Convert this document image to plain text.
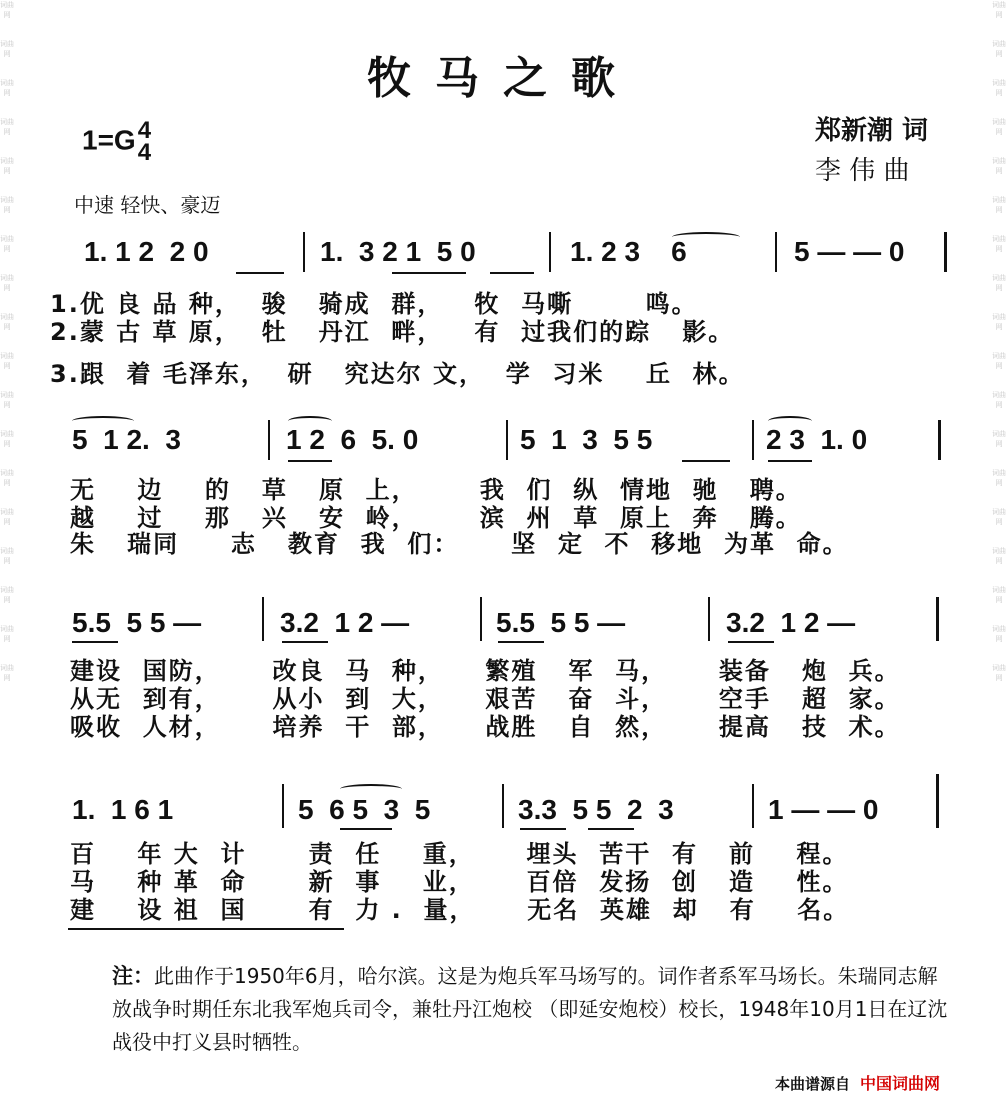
词曲网
词曲网
词曲网
词曲网
词曲网
词曲网
词曲网
词曲网
词曲网
词曲网
词曲网
词曲网
词曲网
词曲网
词曲网
词曲网
词曲网
词曲网
词曲网
词曲网
词曲网
词曲网
词曲网
词曲网
词曲网
词曲网
词曲网
词曲网
词曲网
词曲网
词曲网
词曲网
词曲网
词曲网
词曲网
词曲网
牧马之歌
1=G 4
4
郑新潮 词
李 伟 曲
中速 轻快、豪迈
1. 1 2  2 0	1.  3 2 1  5 0	1. 2 3    6	5 — — 0
1.优 良 品 种，  骏   骑成  群，   牧  马嘶       鸣。
2.蒙 古 草 原，  牡   丹江  畔，   有  过我们的踪   影。
3.跟  着 毛泽东，  研   究达尔 文，  学  习米    丘  林。
5  1 2.  3	1 2  6  5. 0	5  1  3  5 5	2 3  1. 0
无    边    的   草   原  上，      我  们  纵  情地  驰   聘。
越    过    那   兴   安  岭，      滨  州  草  原上  奔   腾。
朱   瑞同     志   教育  我  们：     坚  定  不  移地  为革  命。
5.5  5 5 —	3.2  1 2 —	5.5  5 5 —	3.2  1 2 —
建设  国防，     改良  马  种，    繁殖   军  马，     装备   炮  兵。
从无  到有，     从小  到  大，    艰苦   奋  斗，     空手   超  家。
吸收  人材，     培养  干  部，    战胜   自  然，     提高   技  术。
1.  1 6 1	5  6 5  3  5	3.3  5 5  2  3	1 — — 0
百    年 大  计      责  任    重，     埋头  苦干  有   前    程。
马    种 革  命      新  事    业，     百倍  发扬  创   造    性。
建    设 祖  国      有  力 .  量，     无名  英雄  却   有    名。
注：此曲作于1950年6月，哈尔滨。这是为炮兵军马场写的。词作者系军马场长。朱瑞同志解放战争时期任东北我军炮兵司令，兼牡丹江炮校 （即延安炮校）校长，1948年10月1日在辽沈战役中打义县时牺牲。
本曲谱源自 中国词曲网
